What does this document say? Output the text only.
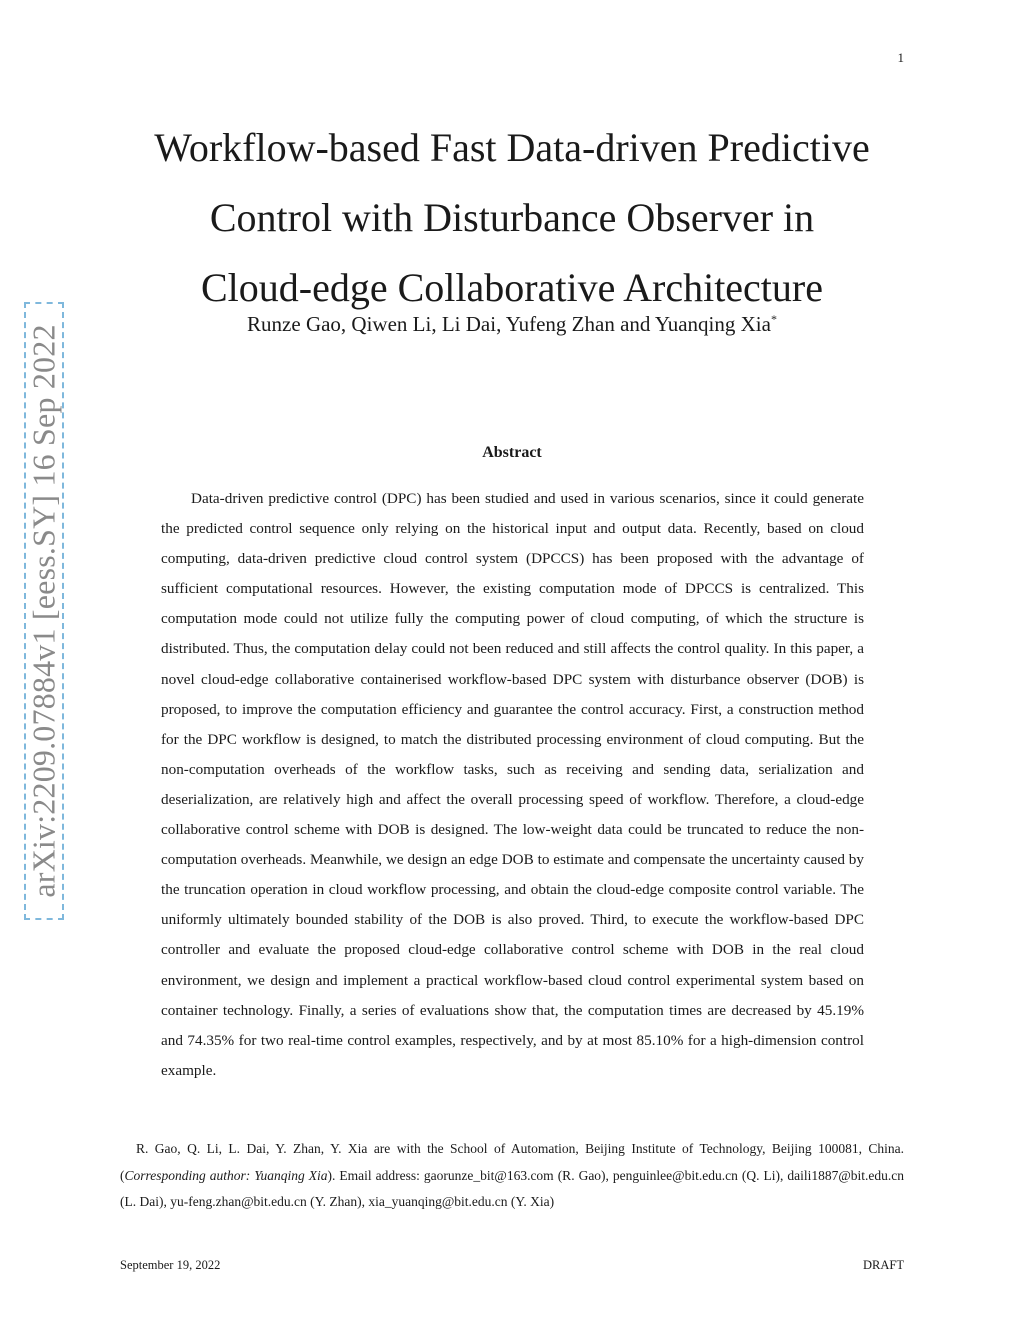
1
arXiv:2209.07884v1 [eess.SY] 16 Sep 2022
Workflow-based Fast Data-driven Predictive
Control with Disturbance Observer in
Cloud-edge Collaborative Architecture
Runze Gao, Qiwen Li, Li Dai, Yufeng Zhan and Yuanqing Xia*
Abstract

Data-driven predictive control (DPC) has been studied and used in various scenarios, since it could generate the predicted control sequence only relying on the historical input and output data. Recently, based on cloud computing, data-driven predictive cloud control system (DPCCS) has been proposed with the advantage of sufficient computational resources. However, the existing computation mode of DPCCS is centralized. This computation mode could not utilize fully the computing power of cloud computing, of which the structure is distributed. Thus, the computation delay could not been reduced and still affects the control quality. In this paper, a novel cloud-edge collaborative containerised workflow-based DPC system with disturbance observer (DOB) is proposed, to improve the computation efficiency and guarantee the control accuracy. First, a construction method for the DPC workflow is designed, to match the distributed processing environment of cloud computing. But the non-computation overheads of the workflow tasks, such as receiving and sending data, serialization and deserialization, are relatively high and affect the overall processing speed of workflow. Therefore, a cloud-edge collaborative control scheme with DOB is designed. The low-weight data could be truncated to reduce the non-computation overheads. Meanwhile, we design an edge DOB to estimate and compensate the uncertainty caused by the truncation operation in cloud workflow processing, and obtain the cloud-edge composite control variable. The uniformly ultimately bounded stability of the DOB is also proved. Third, to execute the workflow-based DPC controller and evaluate the proposed cloud-edge collaborative control scheme with DOB in the real cloud environment, we design and implement a practical workflow-based cloud control experimental system based on container technology. Finally, a series of evaluations show that, the computation times are decreased by 45.19% and 74.35% for two real-time control examples, respectively, and by at most 85.10% for a high-dimension control example.

R. Gao, Q. Li, L. Dai, Y. Zhan, Y. Xia are with the School of Automation, Beijing Institute of Technology, Beijing 100081, China. (Corresponding author: Yuanqing Xia). Email address: gaorunze_bit@163.com (R. Gao), penguinlee@bit.edu.cn (Q. Li), daili1887@bit.edu.cn (L. Dai), yu-feng.zhan@bit.edu.cn (Y. Zhan), xia_yuanqing@bit.edu.cn (Y. Xia)

September 19, 2022	DRAFT
